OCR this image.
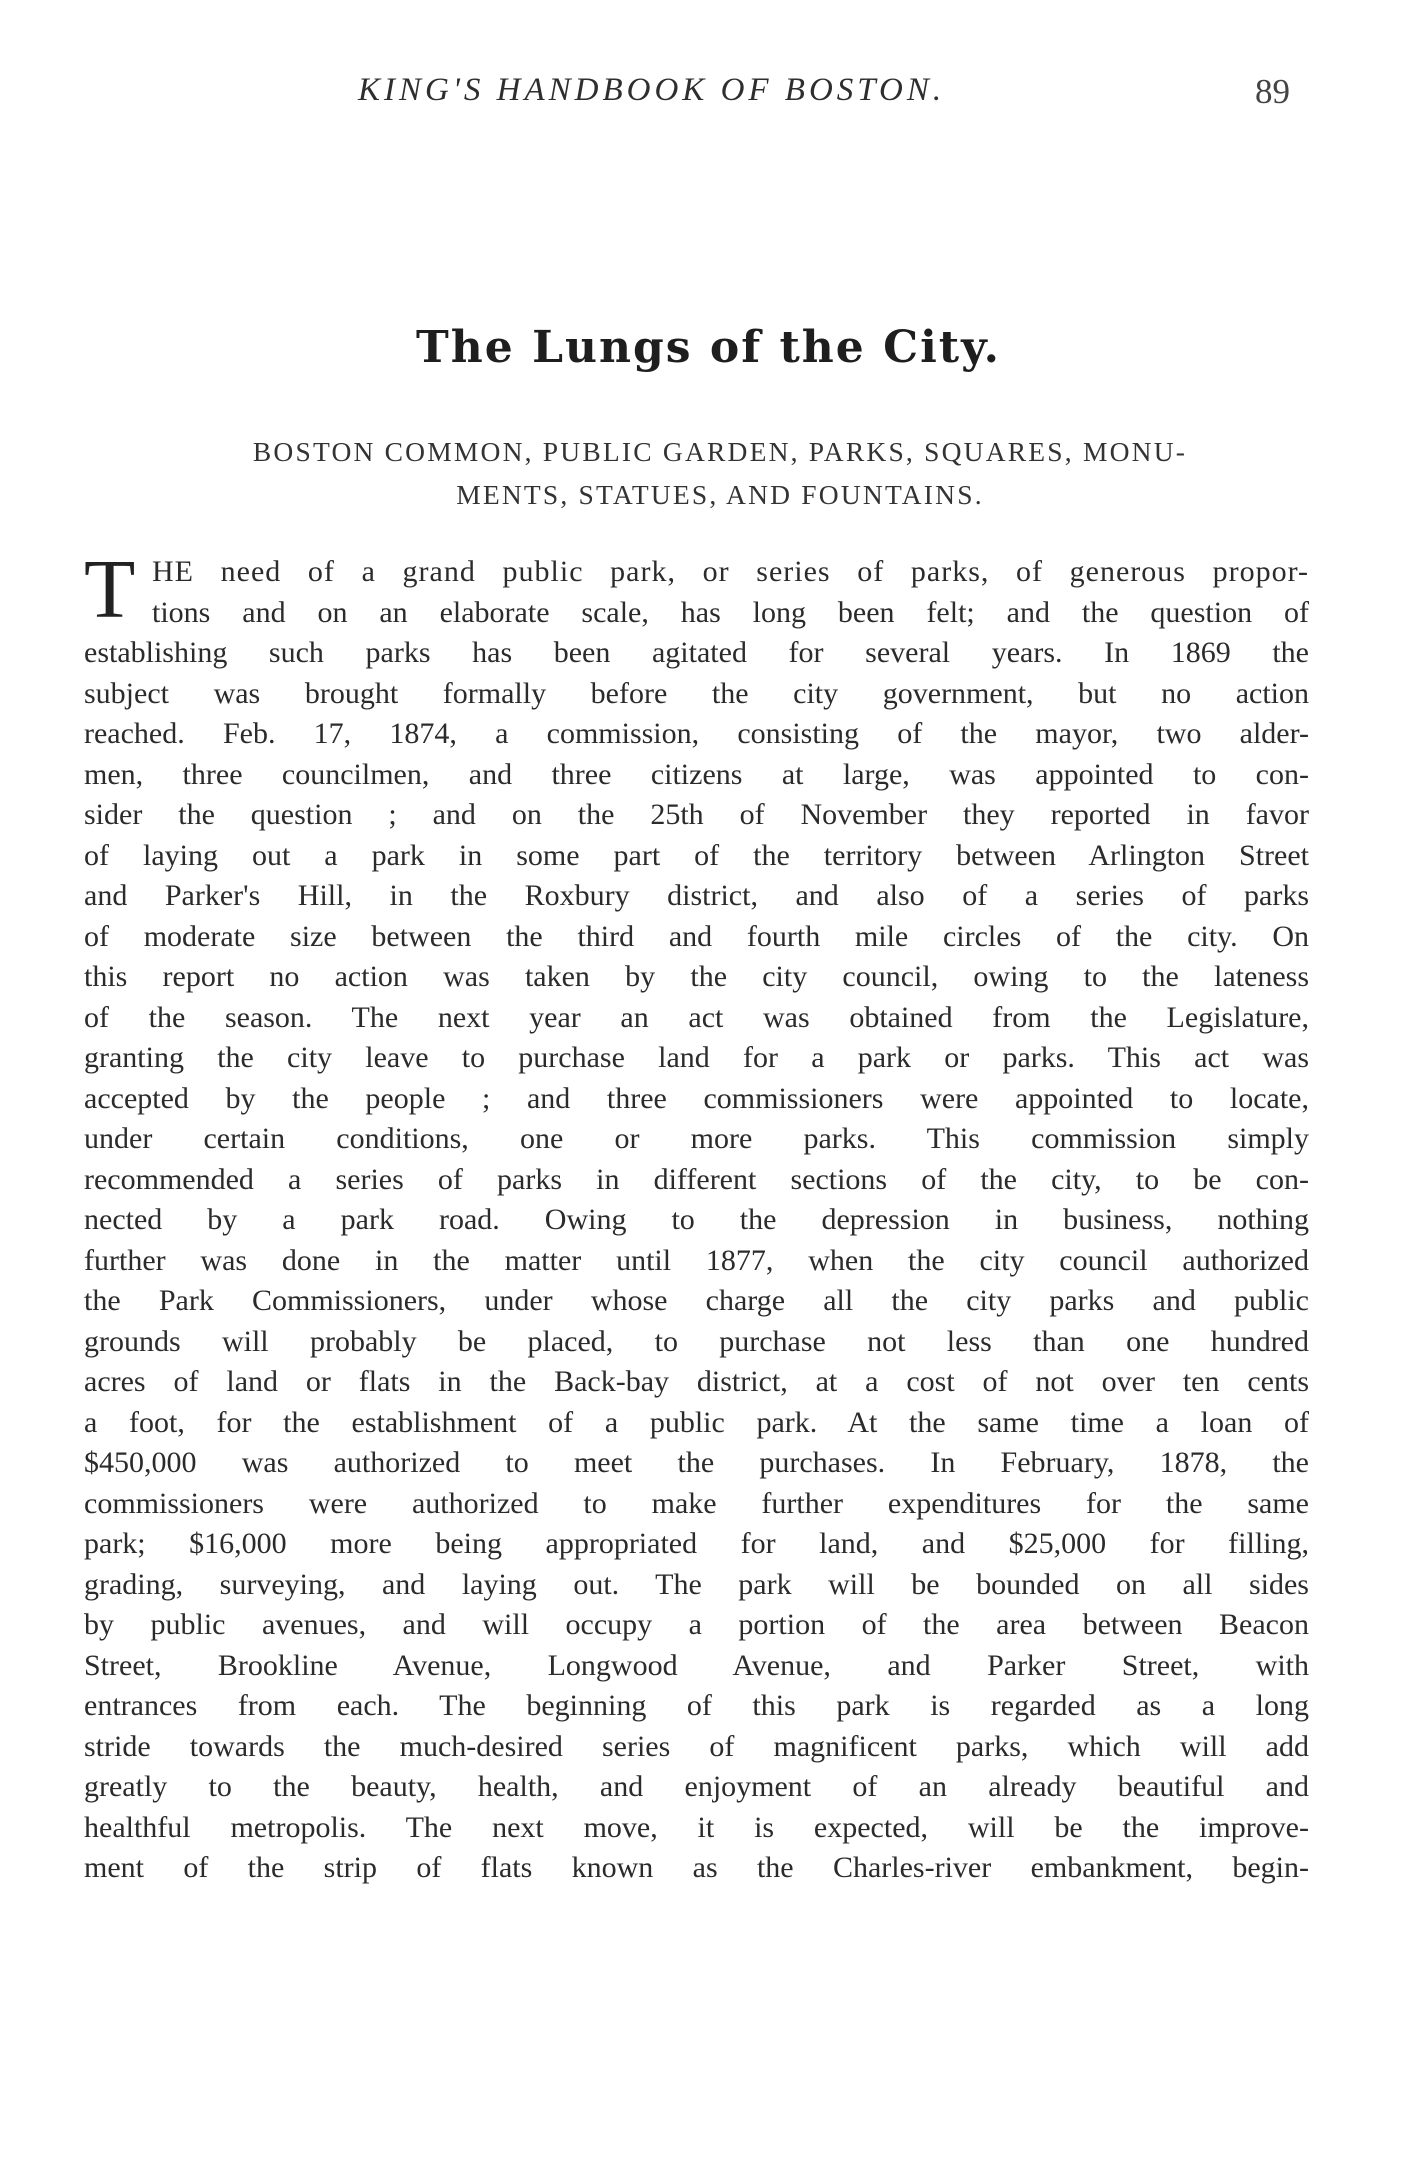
KING'S HANDBOOK OF BOSTON.	89
The Lungs of the City.
BOSTON COMMON, PUBLIC GARDEN, PARKS, SQUARES, MONU-
MENTS, STATUES, AND FOUNTAINS.
T HE need of a grand public park, or series of parks, of generous propor-
tions and on an elaborate scale, has long been felt; and the question of
establishing such parks has been agitated for several years. In 1869 the
subject was brought formally before the city government, but no action
reached. Feb. 17, 1874, a commission, consisting of the mayor, two alder-
men, three councilmen, and three citizens at large, was appointed to con-
sider the question ; and on the 25th of November they reported in favor
of laying out a park in some part of the territory between Arlington Street
and Parker's Hill, in the Roxbury district, and also of a series of parks
of moderate size between the third and fourth mile circles of the city. On
this report no action was taken by the city council, owing to the lateness
of the season. The next year an act was obtained from the Legislature,
granting the city leave to purchase land for a park or parks. This act was
accepted by the people ; and three commissioners were appointed to locate,
under certain conditions, one or more parks. This commission simply
recommended a series of parks in different sections of the city, to be con-
nected by a park road. Owing to the depression in business, nothing
further was done in the matter until 1877, when the city council authorized
the Park Commissioners, under whose charge all the city parks and public
grounds will probably be placed, to purchase not less than one hundred
acres of land or flats in the Back-bay district, at a cost of not over ten cents
a foot, for the establishment of a public park. At the same time a loan of
$450,000 was authorized to meet the purchases. In February, 1878, the
commissioners were authorized to make further expenditures for the same
park; $16,000 more being appropriated for land, and $25,000 for filling,
grading, surveying, and laying out. The park will be bounded on all sides
by public avenues, and will occupy a portion of the area between Beacon
Street, Brookline Avenue, Longwood Avenue, and Parker Street, with
entrances from each. The beginning of this park is regarded as a long
stride towards the much-desired series of magnificent parks, which will add
greatly to the beauty, health, and enjoyment of an already beautiful and
healthful metropolis. The next move, it is expected, will be the improve-
ment of the strip of flats known as the Charles-river embankment, begin-
